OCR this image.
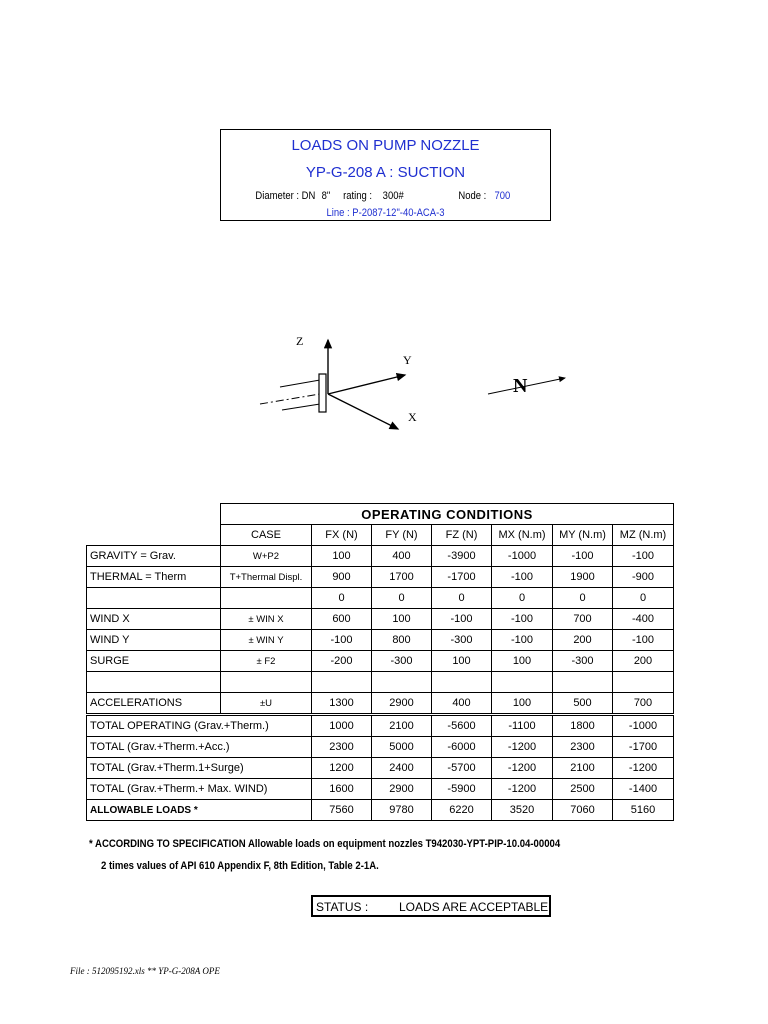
LOADS ON PUMP NOZZLE
YP-G-208 A : SUCTION
Diameter : DN 8" rating : 300#	Node : 700
Line : P-2087-12"-40-ACA-3
Z
Y
X
N
	OPERATING CONDITIONS						
	CASE	FX (N)	FY (N)	FZ (N)	MX (N.m)	MY (N.m)	MZ (N.m)
GRAVITY = Grav.	W+P2	100	400	-3900	-1000	-100	-100
THERMAL = Therm	T+Thermal Displ.	900	1700	-1700	-100	1900	-900
		0	0	0	0	0	0
WIND X	± WIN X	600	100	-100	-100	700	-400
WIND Y	± WIN Y	-100	800	-300	-100	200	-100
SURGE	± F2	-200	-300	100	100	-300	200

ACCELERATIONS	±U	1300	2900	400	100	500	700
TOTAL OPERATING (Grav.+Therm.)		1000	2100	-5600	-1100	1800	-1000
TOTAL (Grav.+Therm.+Acc.)		2300	5000	-6000	-1200	2300	-1700
TOTAL (Grav.+Therm.1+Surge)		1200	2400	-5700	-1200	2100	-1200
TOTAL (Grav.+Therm.+ Max. WIND)		1600	2900	-5900	-1200	2500	-1400
ALLOWABLE LOADS *		7560	9780	6220	3520	7060	5160
* ACCORDING TO SPECIFICATION Allowable loads on equipment nozzles T942030-YPT-PIP-10.04-00004
2 times values of API 610 Appendix F, 8th Edition, Table 2-1A.
STATUS :	LOADS ARE ACCEPTABLE
File : 512095192.xls ** YP-G-208A OPE
